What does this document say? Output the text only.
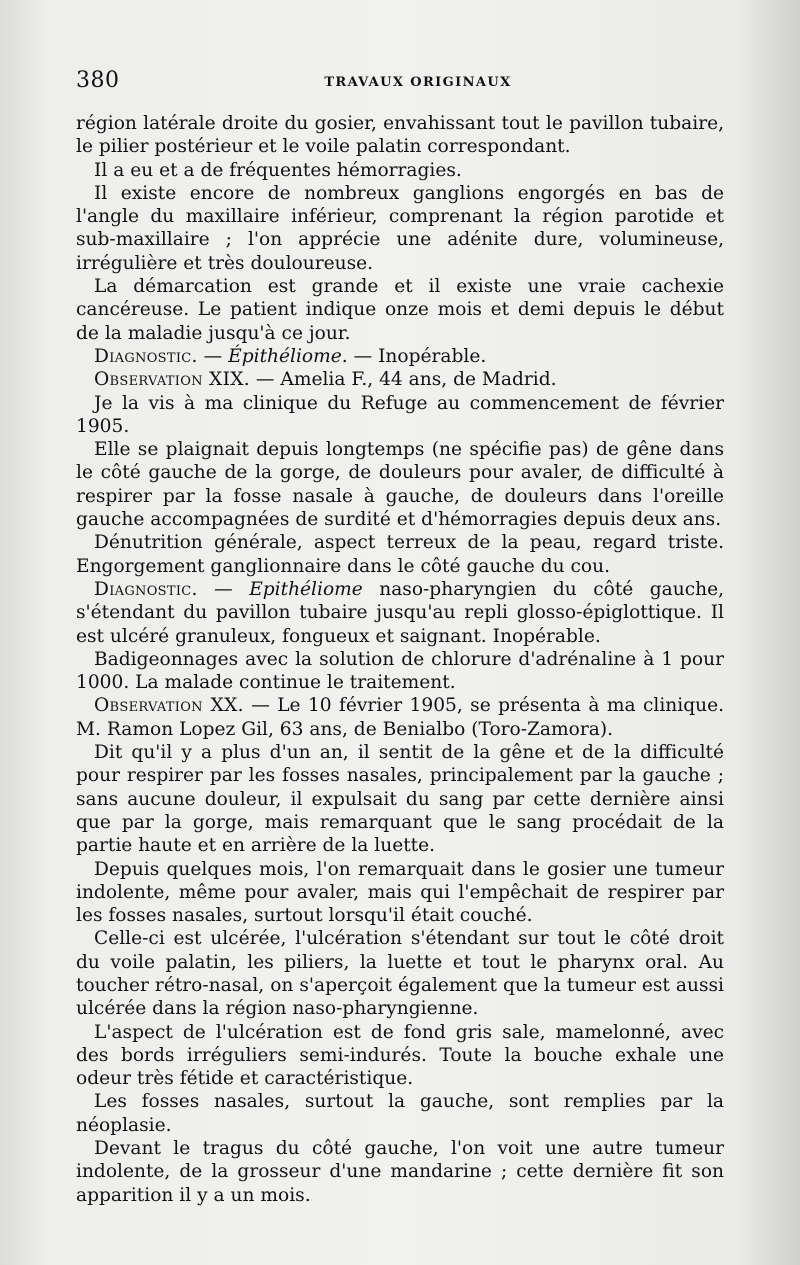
380	TRAVAUX ORIGINAUX

région latérale droite du gosier, envahissant tout le pavillon tubaire, le pilier postérieur et le voile palatin correspondant.

Il a eu et a de fréquentes hémorragies.

Il existe encore de nombreux ganglions engorgés en bas de l'angle du maxillaire inférieur, comprenant la région parotide et sub-maxillaire ; l'on apprécie une adénite dure, volumineuse, irrégulière et très douloureuse.

La démarcation est grande et il existe une vraie cachexie cancéreuse. Le patient indique onze mois et demi depuis le début de la maladie jusqu'à ce jour.

Diagnostic. — Épithéliome. — Inopérable.

Observation XIX. — Amelia F., 44 ans, de Madrid.

Je la vis à ma clinique du Refuge au commencement de février 1905.

Elle se plaignait depuis longtemps (ne spécifie pas) de gêne dans le côté gauche de la gorge, de douleurs pour avaler, de difficulté à respirer par la fosse nasale à gauche, de douleurs dans l'oreille gauche accompagnées de surdité et d'hémorragies depuis deux ans.

Dénutrition générale, aspect terreux de la peau, regard triste. Engorgement ganglionnaire dans le côté gauche du cou.

Diagnostic. — Epithéliome naso-pharyngien du côté gauche, s'étendant du pavillon tubaire jusqu'au repli glosso-épiglottique. Il est ulcéré granuleux, fongueux et saignant. Inopérable.

Badigeonnages avec la solution de chlorure d'adrénaline à 1 pour 1000. La malade continue le traitement.

Observation XX. — Le 10 février 1905, se présenta à ma clinique. M. Ramon Lopez Gil, 63 ans, de Benialbo (Toro-Zamora).

Dit qu'il y a plus d'un an, il sentit de la gêne et de la difficulté pour respirer par les fosses nasales, principalement par la gauche ; sans aucune douleur, il expulsait du sang par cette dernière ainsi que par la gorge, mais remarquant que le sang procédait de la partie haute et en arrière de la luette.

Depuis quelques mois, l'on remarquait dans le gosier une tumeur indolente, même pour avaler, mais qui l'empêchait de respirer par les fosses nasales, surtout lorsqu'il était couché.

Celle-ci est ulcérée, l'ulcération s'étendant sur tout le côté droit du voile palatin, les piliers, la luette et tout le pharynx oral. Au toucher rétro-nasal, on s'aperçoit également que la tumeur est aussi ulcérée dans la région naso-pharyngienne.

L'aspect de l'ulcération est de fond gris sale, mamelonné, avec des bords irréguliers semi-indurés. Toute la bouche exhale une odeur très fétide et caractéristique.

Les fosses nasales, surtout la gauche, sont remplies par la néoplasie.

Devant le tragus du côté gauche, l'on voit une autre tumeur indolente, de la grosseur d'une mandarine ; cette dernière fit son apparition il y a un mois.
